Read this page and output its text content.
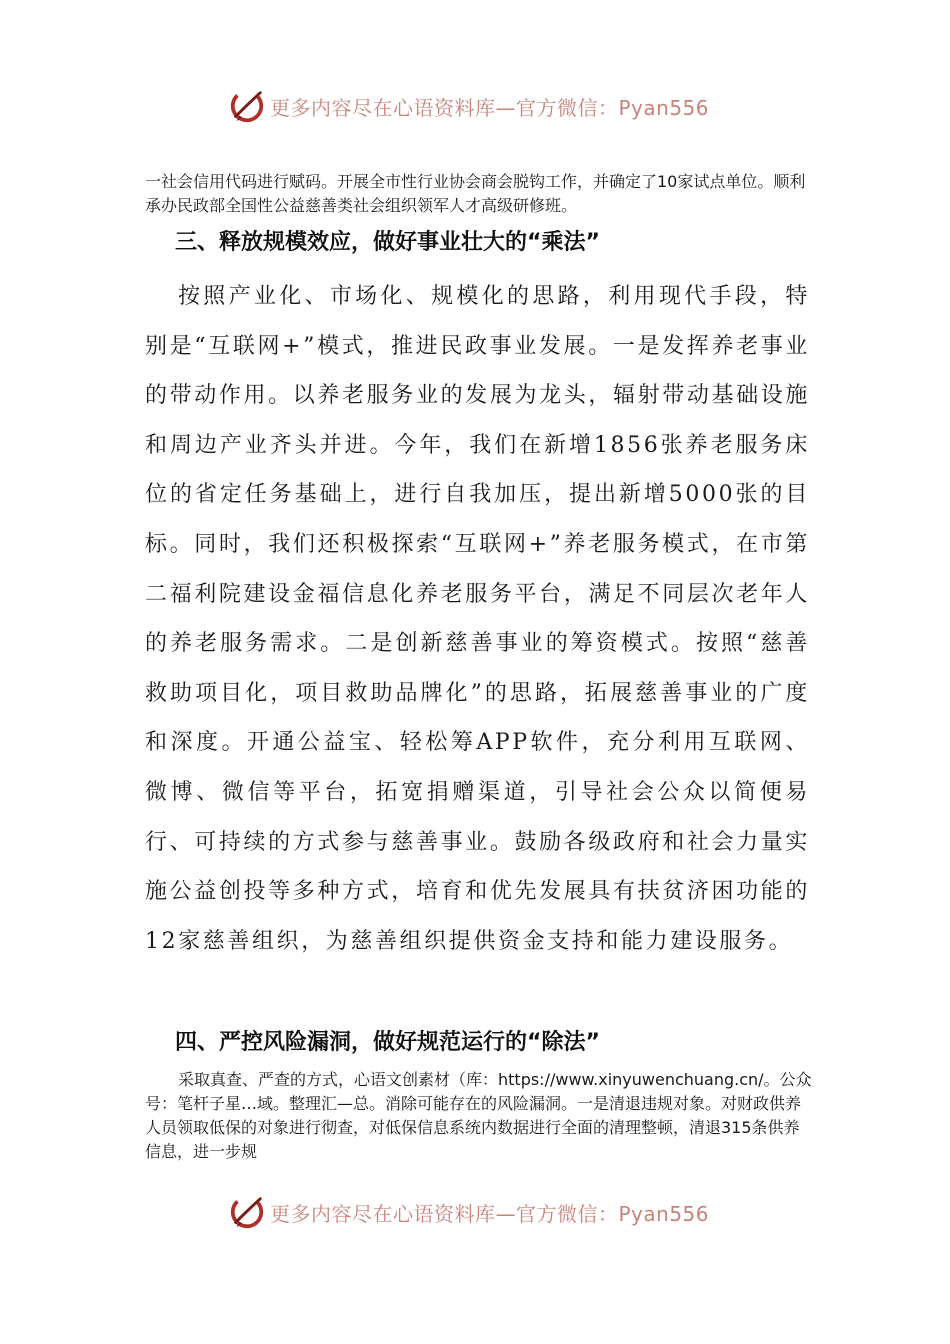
更多内容尽在心语资料库—官方微信：Pyan556

一社会信用代码进行赋码。开展全市性行业协会商会脱钩工作，并确定了10家试点单位。顺利承办民政部全国性公益慈善类社会组织领军人才高级研修班。

三、释放规模效应，做好事业壮大的“乘法”

按照产业化、市场化、规模化的思路，利用现代手段，特别是“互联网+”模式，推进民政事业发展。一是发挥养老事业的带动作用。以养老服务业的发展为龙头，辐射带动基础设施和周边产业齐头并进。今年，我们在新增1856张养老服务床位的省定任务基础上，进行自我加压，提出新增5000张的目标。同时，我们还积极探索“互联网+”养老服务模式，在市第二福利院建设金福信息化养老服务平台，满足不同层次老年人的养老服务需求。二是创新慈善事业的筹资模式。按照“慈善救助项目化，项目救助品牌化”的思路，拓展慈善事业的广度和深度。开通公益宝、轻松筹APP软件，充分利用互联网、微博、微信等平台，拓宽捐赠渠道，引导社会公众以简便易行、可持续的方式参与慈善事业。鼓励各级政府和社会力量实施公益创投等多种方式，培育和优先发展具有扶贫济困功能的12家慈善组织，为慈善组织提供资金支持和能力建设服务。

四、严控风险漏洞，做好规范运行的“除法”

采取真查、严查的方式，心语文创素材（库：https://www.xinyuwenchuang.cn/。公众号：笔杆子星…域。整理汇—总。消除可能存在的风险漏洞。一是清退违规对象。对财政供养人员领取低保的对象进行彻查，对低保信息系统内数据进行全面的清理整顿，清退315条供养信息，进一步规

更多内容尽在心语资料库—官方微信：Pyan556
